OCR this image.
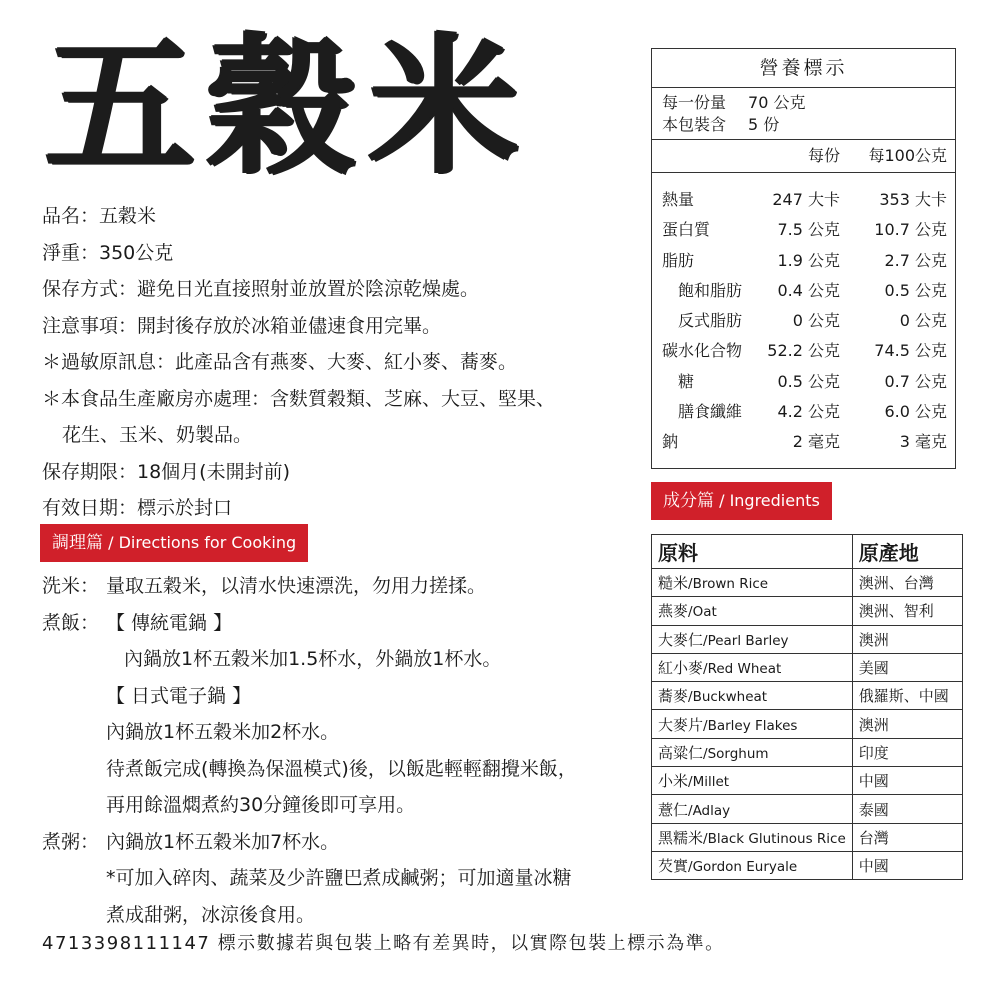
五穀米
品名：五穀米
淨重：350公克
保存方式：避免日光直接照射並放置於陰涼乾燥處。
注意事項：開封後存放於冰箱並儘速食用完畢。
＊過敏原訊息：此產品含有燕麥、大麥、紅小麥、蕎麥。
＊本食品生產廠房亦處理：含麩質穀類、芝麻、大豆、堅果、
花生、玉米、奶製品。
保存期限：18個月(未開封前)
有效日期：標示於封口
調理篇 / Directions for Cooking
洗米： 量取五穀米，以清水快速漂洗，勿用力搓揉。
煮飯： 【 傳統電鍋 】
內鍋放1杯五穀米加1.5杯水，外鍋放1杯水。
【 日式電子鍋 】
內鍋放1杯五穀米加2杯水。
待煮飯完成(轉換為保溫模式)後，以飯匙輕輕翻攪米飯，
再用餘溫燜煮約30分鐘後即可享用。
煮粥： 內鍋放1杯五穀米加7杯水。
*可加入碎肉、蔬菜及少許鹽巴煮成鹹粥；可加適量冰糖
煮成甜粥，冰涼後食用。
4713398111147 標示數據若與包裝上略有差異時，以實際包裝上標示為準。
營養標示
每一份量 70 公克
本包裝含 5 份
每份 每100公克
熱量	247 大卡 353 大卡
蛋白質	7.5 公克 10.7 公克
脂肪	1.9 公克	2.7 公克
飽和脂肪 0.4 公克	0.5 公克
反式脂肪	0 公克	0 公克
碳水化合物 52.2 公克 74.5 公克
糖	0.5 公克	0.7 公克
膳食纖維 4.2 公克	6.0 公克
鈉	2 毫克	3 毫克
成分篇 / Ingredients
原料	原產地
糙米/Brown Rice	澳洲、台灣
燕麥/Oat	澳洲、智利
大麥仁/Pearl Barley	澳洲
紅小麥/Red Wheat	美國
蕎麥/Buckwheat	俄羅斯、中國
大麥片/Barley Flakes	澳洲
高粱仁/Sorghum	印度
小米/Millet	中國
薏仁/Adlay	泰國
黑糯米/Black Glutinous Rice	台灣
芡實/Gordon Euryale	中國
